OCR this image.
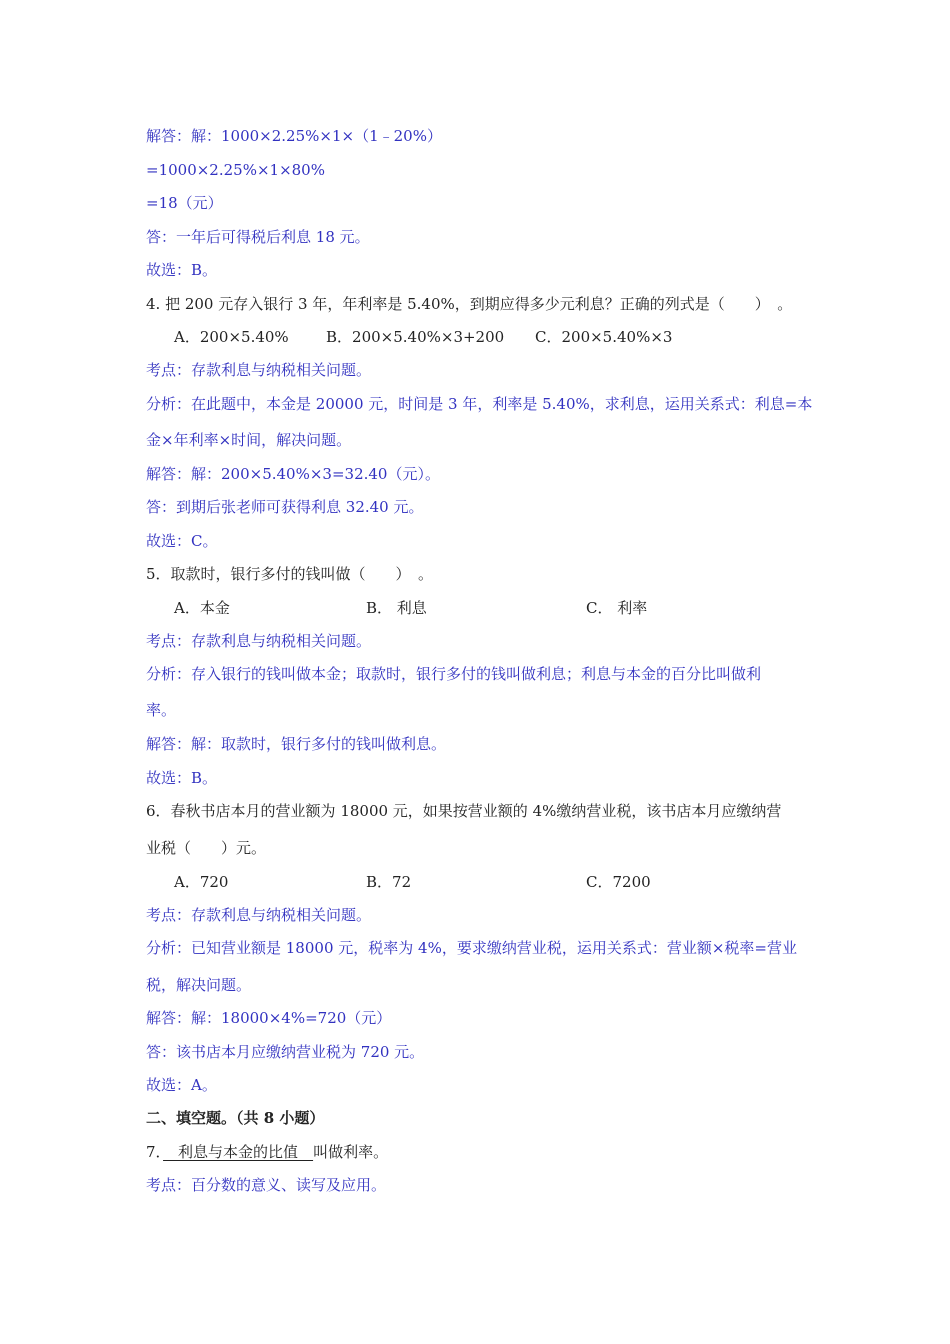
解答：解：1000×2.25%×1×（1﹣20%）
=1000×2.25%×1×80%
=18（元）
答：一年后可得税后利息 18 元。
故选：B。
4. 把 200 元存入银行 3 年，年利率是 5.40%，到期应得多少元利息？正确的列式是（　　）　。
A．200×5.40% B．200×5.40%×3+200 C．200×5.40%×3
考点：存款利息与纳税相关问题。
分析：在此题中，本金是 20000 元，时间是 3 年，利率是 5.40%，求利息，运用关系式：利息=本
金×年利率×时间，解决问题。
解答：解：200×5.40%×3=32.40（元）。
答：到期后张老师可获得利息 32.40 元。
故选：C。
5．取款时，银行多付的钱叫做（　　）　。
A．本金	B． 利息	C． 利率
考点：存款利息与纳税相关问题。
分析：存入银行的钱叫做本金；取款时，银行多付的钱叫做利息；利息与本金的百分比叫做利
率。
解答：解：取款时，银行多付的钱叫做利息。
故选：B。
6．春秋书店本月的营业额为 18000 元，如果按营业额的 4%缴纳营业税，该书店本月应缴纳营
业税（　　）元。
A．720	B．72	C．7200
考点：存款利息与纳税相关问题。
分析：已知营业额是 18000 元，税率为 4%，要求缴纳营业税，运用关系式：营业额×税率=营业
税，解决问题。
解答：解：18000×4%=720（元）
答：该书店本月应缴纳营业税为 720 元。
故选：A。
二、填空题。（共 8 小题）
7．　利息与本金的比值　叫做利率。
考点：百分数的意义、读写及应用。
